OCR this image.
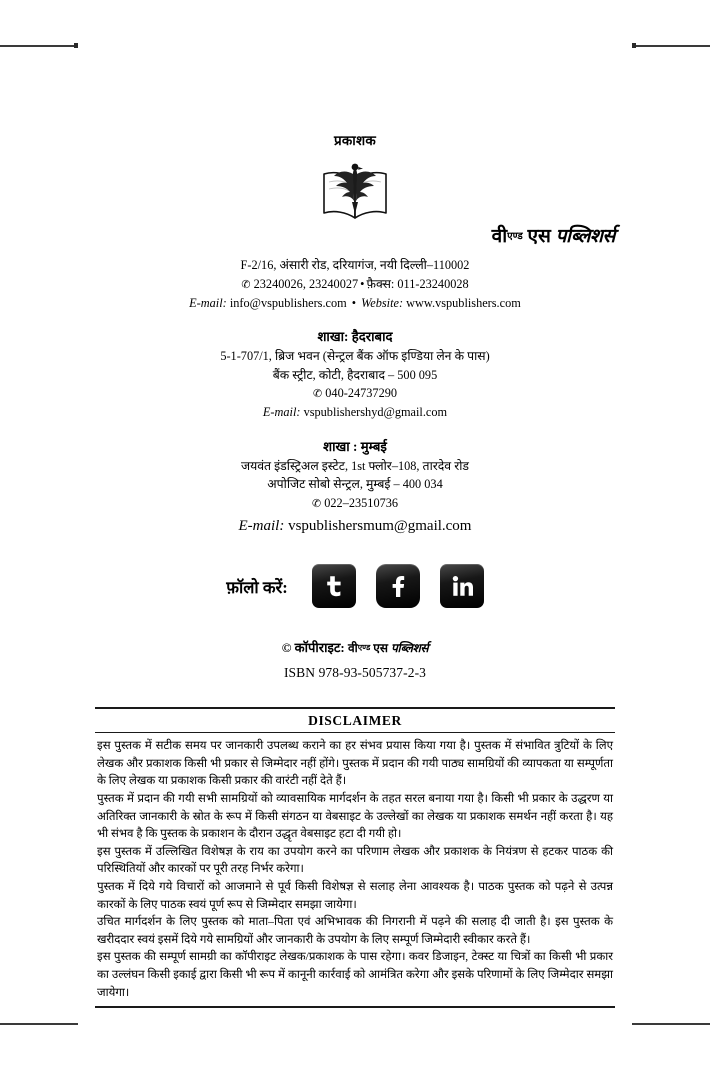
प्रकाशक
वीएण्ड एस पब्लिशर्स
F-2/16, अंसारी रोड, दरियागंज, नयी दिल्ली–110002
✆ 23240026, 23240027 • फ़ैक्स: 011-23240028
E-mail: info@vspublishers.com • Website: www.vspublishers.com
शाखा: हैदराबाद
5-1-707/1, ब्रिज भवन (सेन्ट्रल बैंक ऑफ इण्डिया लेन के पास)
बैंक स्ट्रीट, कोटी, हैदराबाद – 500 095
✆ 040-24737290
E-mail: vspublishershyd@gmail.com
शाखा : मुम्बई
जयवंत इंडस्ट्रिअल इस्टेट, 1st फ्लोर–108, तारदेव रोड
अपोजिट सोबो सेन्ट्रल, मुम्बई – 400 034
✆ 022–23510736
E-mail: vspublishersmum@gmail.com
फ़ॉलो करें:
© कॉपीराइट: वीएण्ड एस पब्लिशर्स
ISBN 978-93-505737-2-3
DISCLAIMER

इस पुस्तक में सटीक समय पर जानकारी उपलब्ध कराने का हर संभव प्रयास किया गया है। पुस्तक में संभावित त्रुटियों के लिए लेखक और प्रकाशक किसी भी प्रकार से जिम्मेदार नहीं होंगे। पुस्तक में प्रदान की गयी पाठ्य सामग्रियों की व्यापकता या सम्पूर्णता के लिए लेखक या प्रकाशक किसी प्रकार की वारंटी नहीं देते हैं।

पुस्तक में प्रदान की गयी सभी सामग्रियों को व्यावसायिक मार्गदर्शन के तहत सरल बनाया गया है। किसी भी प्रकार के उद्धरण या अतिरिक्त जानकारी के स्रोत के रूप में किसी संगठन या वेबसाइट के उल्लेखों का लेखक या प्रकाशक समर्थन नहीं करता है। यह भी संभव है कि पुस्तक के प्रकाशन के दौरान उद्धृत वेबसाइट हटा दी गयी हो।

इस पुस्तक में उल्लिखित विशेषज्ञ के राय का उपयोग करने का परिणाम लेखक और प्रकाशक के नियंत्रण से हटकर पाठक की परिस्थितियों और कारकों पर पूरी तरह निर्भर करेगा।

पुस्तक में दिये गये विचारों को आजमाने से पूर्व किसी विशेषज्ञ से सलाह लेना आवश्यक है। पाठक पुस्तक को पढ़ने से उत्पन्न कारकों के लिए पाठक स्वयं पूर्ण रूप से जिम्मेदार समझा जायेगा।

उचित मार्गदर्शन के लिए पुस्तक को माता–पिता एवं अभिभावक की निगरानी में पढ़ने की सलाह दी जाती है। इस पुस्तक के खरीददार स्वयं इसमें दिये गये सामग्रियों और जानकारी के उपयोग के लिए सम्पूर्ण जिम्मेदारी स्वीकार करते हैं।

इस पुस्तक की सम्पूर्ण सामग्री का कॉपीराइट लेखक/प्रकाशक के पास रहेगा। कवर डिजाइन, टेक्स्ट या चित्रों का किसी भी प्रकार का उल्लंघन किसी इकाई द्वारा किसी भी रूप में कानूनी कार्रवाई को आमंत्रित करेगा और इसके परिणामों के लिए जिम्मेदार समझा जायेगा।
